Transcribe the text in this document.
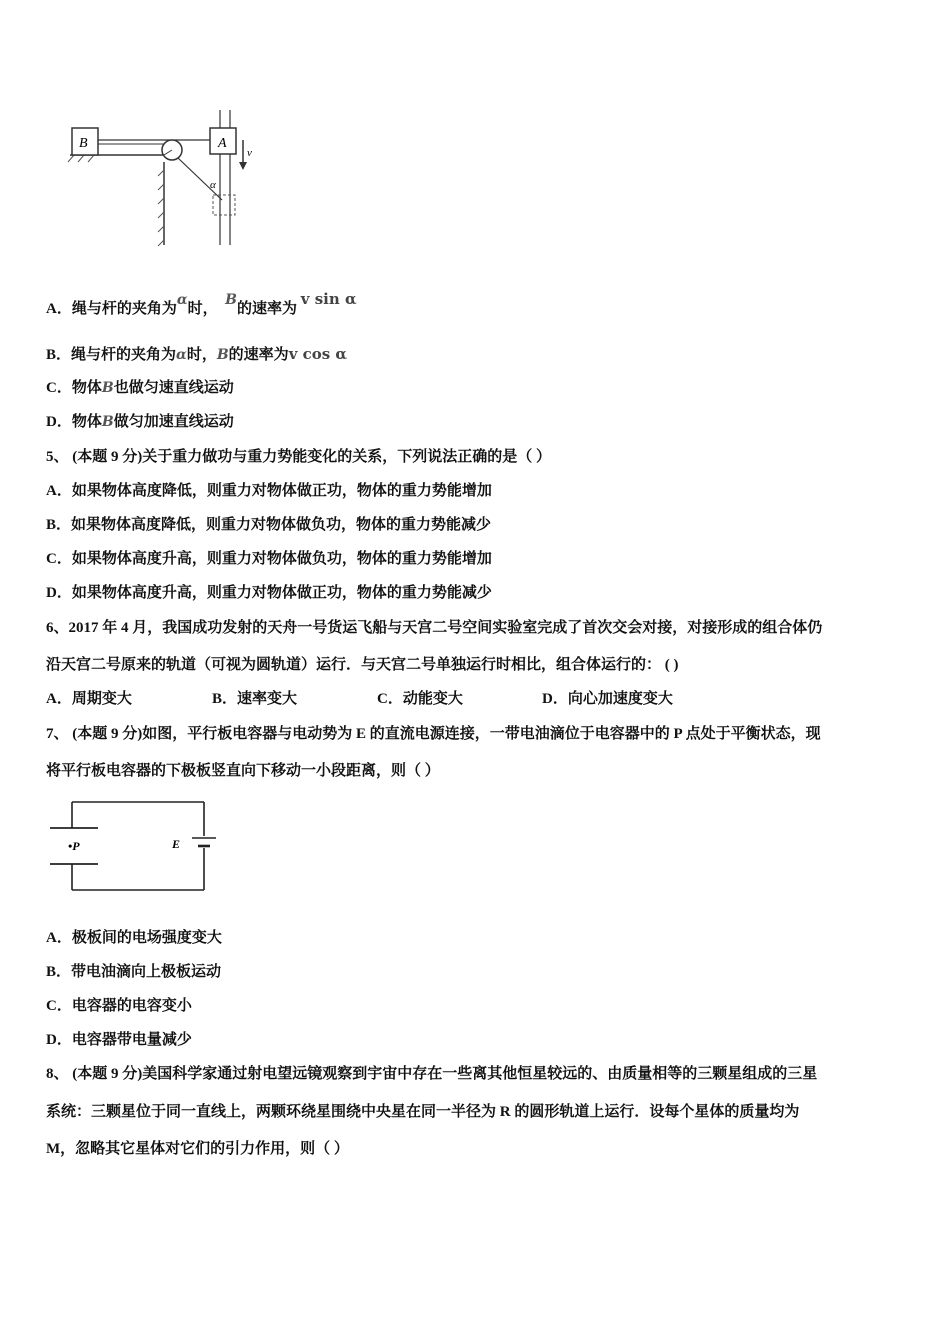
B	A
v
α
A．绳与杆的夹角为α时，  B的速率为 v sin α
B．绳与杆的夹角为α时，B的速率为v cos α
C．物体B也做匀速直线运动
D．物体B做匀加速直线运动
5、 (本题 9 分)关于重力做功与重力势能变化的关系，下列说法正确的是（ ）
A．如果物体高度降低，则重力对物体做正功，物体的重力势能增加
B．如果物体高度降低，则重力对物体做负功，物体的重力势能减少
C．如果物体高度升高，则重力对物体做负功，物体的重力势能增加
D．如果物体高度升高，则重力对物体做正功，物体的重力势能减少
6、2017 年 4 月，我国成功发射的天舟一号货运飞船与天宫二号空间实验室完成了首次交会对接，对接形成的组合体仍
沿天宫二号原来的轨道（可视为圆轨道）运行．与天宫二号单独运行时相比，组合体运行的： ( )
A．周期变大	B．速率变大	C．动能变大	D．向心加速度变大
7、 (本题 9 分)如图，平行板电容器与电动势为 E 的直流电源连接，一带电油滴位于电容器中的 P 点处于平衡状态，现
将平行板电容器的下极板竖直向下移动一小段距离，则（ ）
•P	E
A．极板间的电场强度变大
B．带电油滴向上极板运动
C．电容器的电容变小
D．电容器带电量减少
8、 (本题 9 分)美国科学家通过射电望远镜观察到宇宙中存在一些离其他恒星较远的、由质量相等的三颗星组成的三星
系统：三颗星位于同一直线上，两颗环绕星围绕中央星在同一半径为 R 的圆形轨道上运行．设每个星体的质量均为
M，忽略其它星体对它们的引力作用，则（ ）
